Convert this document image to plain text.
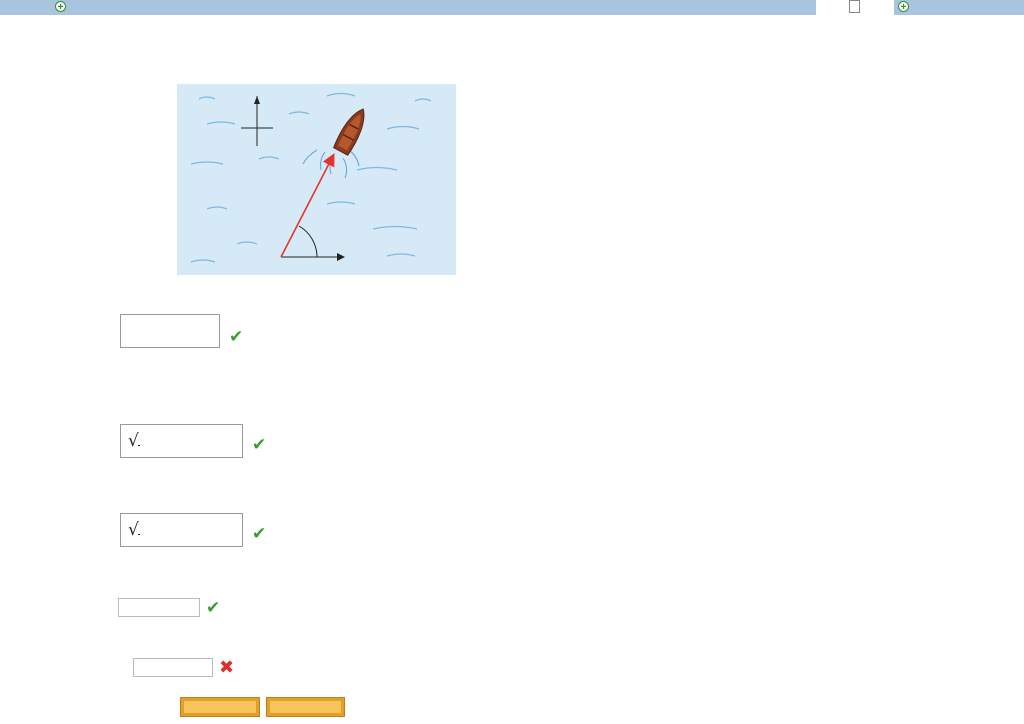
+	+
✔
√	✔
√	✔
✔
✖
